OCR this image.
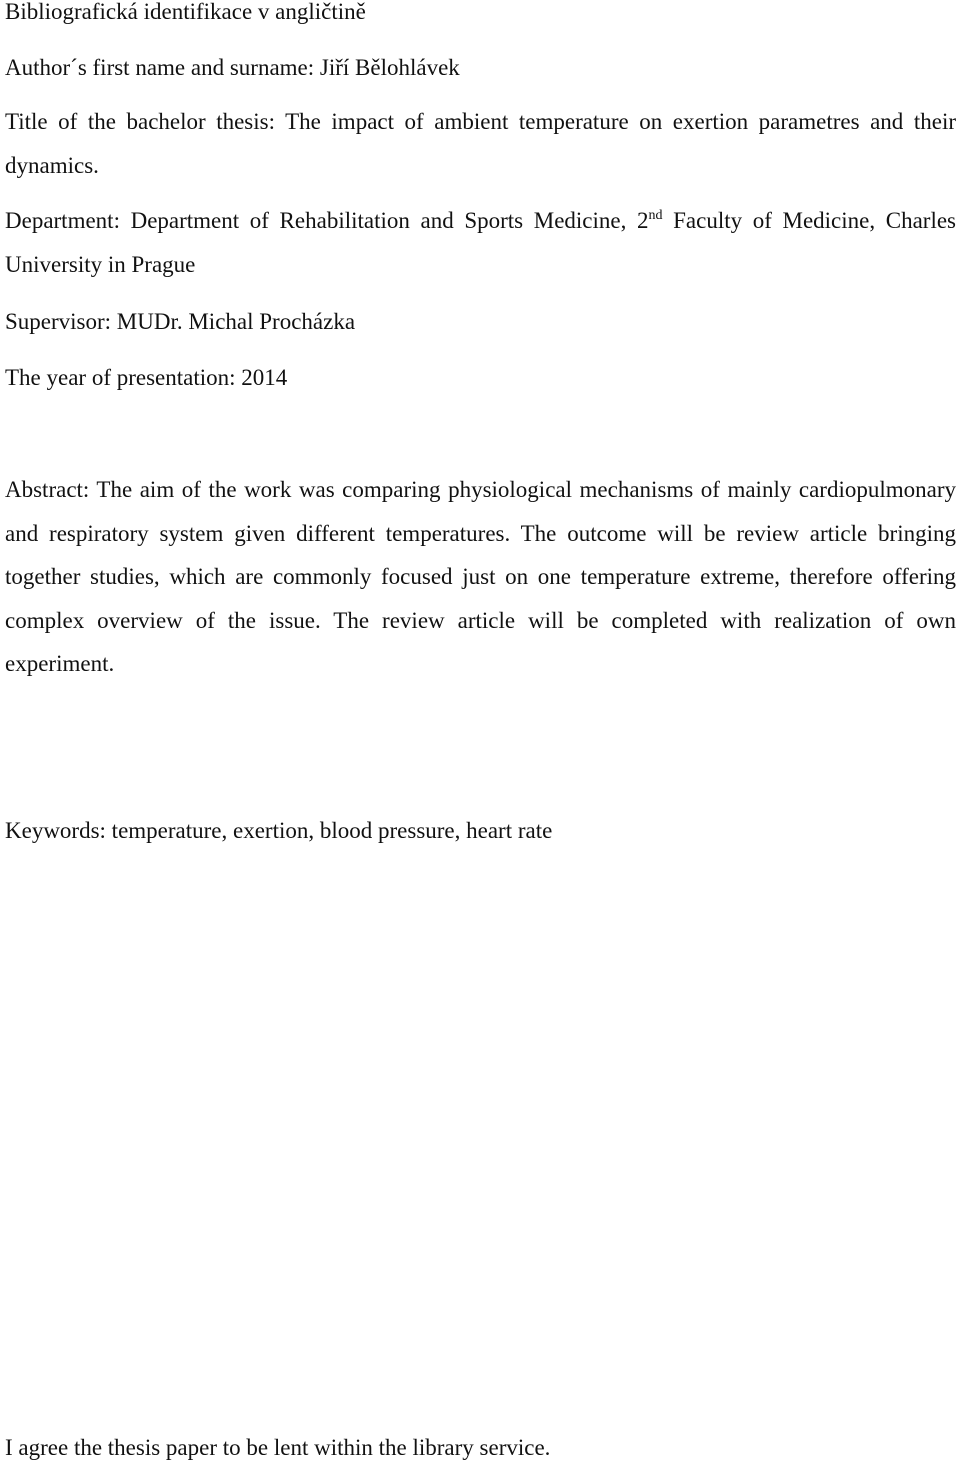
Bibliografická identifikace v angličtině

Author´s first name and surname: Jiří Bělohlávek

Title of the bachelor thesis: The impact of ambient temperature on exertion parametres and their dynamics.

Department: Department of Rehabilitation and Sports Medicine, 2nd Faculty of Medicine, Charles University in Prague

Supervisor: MUDr. Michal Procházka

The year of presentation: 2014

Abstract: The aim of the work was comparing physiological mechanisms of mainly cardiopulmonary and respiratory system given different temperatures. The outcome will be review article bringing together studies, which are commonly focused just on one temperature extreme, therefore offering complex overview of the issue. The review article will be completed with realization of own experiment.

Keywords: temperature, exertion, blood pressure, heart rate

I agree the thesis paper to be lent within the library service.
